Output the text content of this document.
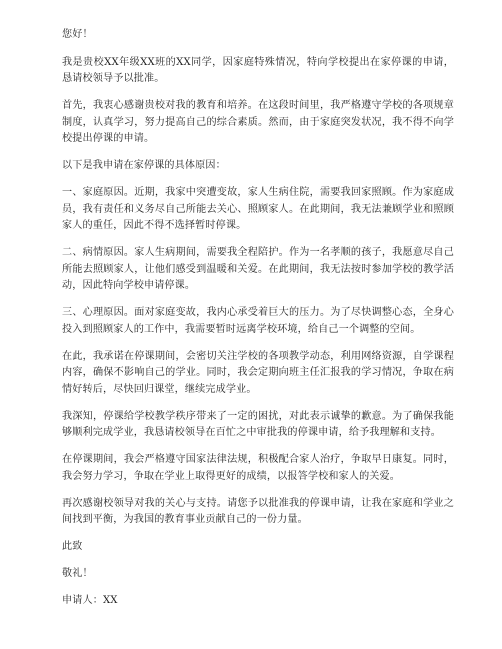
您好！

我是贵校XX年级XX班的XX同学，因家庭特殊情况，特向学校提出在家停课的申请，恳请校领导予以批准。

首先，我衷心感谢贵校对我的教育和培养。在这段时间里，我严格遵守学校的各项规章制度，认真学习，努力提高自己的综合素质。然而，由于家庭突发状况，我不得不向学校提出停课的申请。

以下是我申请在家停课的具体原因：

一、家庭原因。近期，我家中突遭变故，家人生病住院，需要我回家照顾。作为家庭成员，我有责任和义务尽自己所能去关心、照顾家人。在此期间，我无法兼顾学业和照顾家人的重任，因此不得不选择暂时停课。

二、病情原因。家人生病期间，需要我全程陪护。作为一名孝顺的孩子，我愿意尽自己所能去照顾家人，让他们感受到温暖和关爱。在此期间，我无法按时参加学校的教学活动，因此特向学校申请停课。

三、心理原因。面对家庭变故，我内心承受着巨大的压力。为了尽快调整心态，全身心投入到照顾家人的工作中，我需要暂时远离学校环境，给自己一个调整的空间。

在此，我承诺在停课期间，会密切关注学校的各项教学动态，利用网络资源，自学课程内容，确保不影响自己的学业。同时，我会定期向班主任汇报我的学习情况，争取在病情好转后，尽快回归课堂，继续完成学业。

我深知，停课给学校教学秩序带来了一定的困扰，对此表示诚挚的歉意。为了确保我能够顺利完成学业，我恳请校领导在百忙之中审批我的停课申请，给予我理解和支持。

在停课期间，我会严格遵守国家法律法规，积极配合家人治疗，争取早日康复。同时，我会努力学习，争取在学业上取得更好的成绩，以报答学校和家人的关爱。

再次感谢校领导对我的关心与支持。请您予以批准我的停课申请，让我在家庭和学业之间找到平衡，为我国的教育事业贡献自己的一份力量。

此致

敬礼！

申请人：XX
